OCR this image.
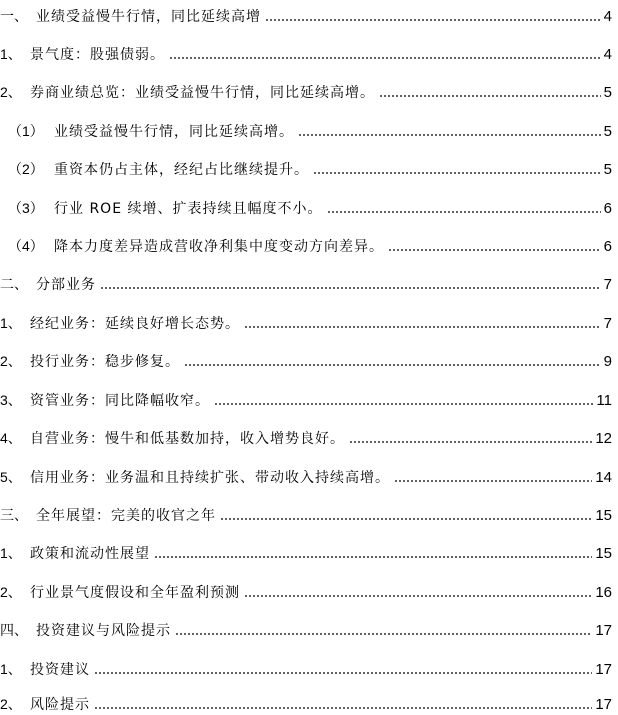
一、 业绩受益慢牛行情，同比延续高增	4
1、 景气度：股强债弱。	4
2、 券商业绩总览：业绩受益慢牛行情，同比延续高增。	5
（1） 业绩受益慢牛行情，同比延续高增。	5
（2） 重资本仍占主体，经纪占比继续提升。	5
（3） 行业 ROE 续增、扩表持续且幅度不小。	6
（4） 降本力度差异造成营收净利集中度变动方向差异。	6
二、 分部业务	7
1、 经纪业务：延续良好增长态势。	7
2、 投行业务：稳步修复。	9
3、 资管业务：同比降幅收窄。	11
4、 自营业务：慢牛和低基数加持，收入增势良好。	12
5、 信用业务：业务温和且持续扩张、带动收入持续高增。	14
三、 全年展望：完美的收官之年	15
1、 政策和流动性展望	15
2、 行业景气度假设和全年盈利预测	16
四、 投资建议与风险提示	17
1、 投资建议	17
2、 风险提示	17
